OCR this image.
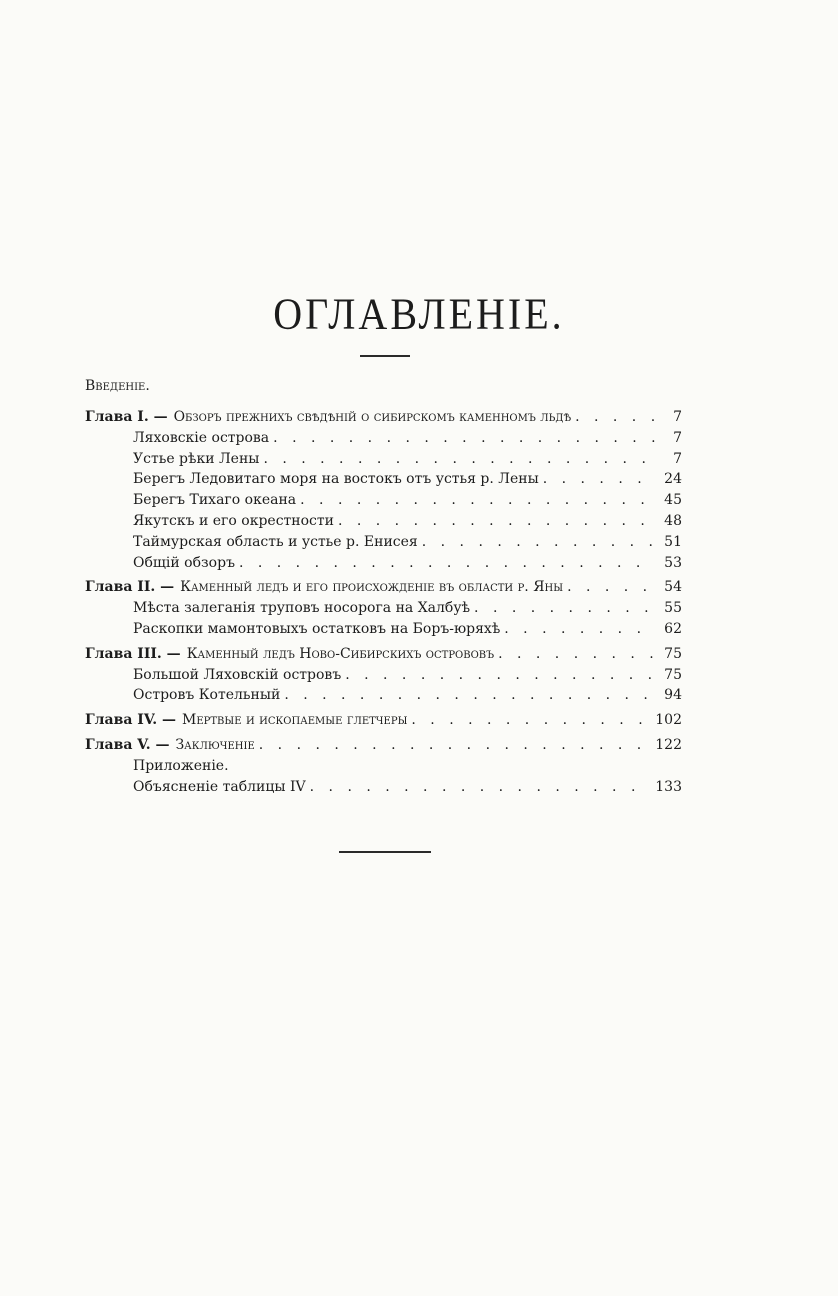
ОГЛАВЛЕНІЕ.
Введеніе.
Глава I. — Обзоръ прежнихъ свѣдѣній о сибирскомъ каменномъ льдѣ . . .	7
Ляховскіе острова . . .	7
Устье рѣки Лены . . .	7
Берегъ Ледовитаго моря на востокъ отъ устья р. Лены . . .	24
Берегъ Тихаго океана . . .	45
Якутскъ и его окрестности . . .	48
Таймурская область и устье р. Енисея . . .	51
Общій обзоръ . . .	53
Глава II. — Каменный ледъ и его происхожденіе въ области р. Яны . . .	54
Мѣста залеганія труповъ носорога на Халбуѣ . . .	55
Раскопки мамонтовыхъ остатковъ на Боръ-юряхѣ . . .	62
Глава III. — Каменный ледъ Ново-Сибирскихъ острововъ . . .	75
Большой Ляховскій островъ . . .	75
Островъ Котельный . . .	94
Глава IV. — Мертвые и ископаемые глетчеры . . .	102
Глава V. — Заключеніе . . .	122
Приложеніе.
Объясненіе таблицы IV . . .	133
